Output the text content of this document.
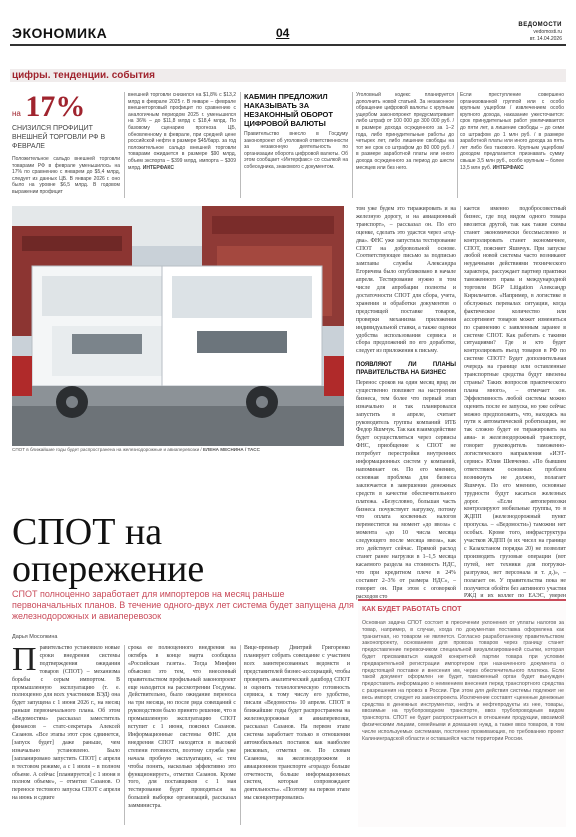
ЭКОНОМИКА	04
ВЕДОМОСТИ
vedomosti.ru
вт. 14.04.2026
цифры. тенденции. события
на 17%
СНИЗИЛСЯ ПРОФИЦИТ ВНЕШНЕЙ ТОРГОВЛИ РФ В ФЕВРАЛЕ
Положительное сальдо внешней торговли товарами РФ в феврале уменьшилось на 17% по сравнению с январем до $5,4 млрд, следует из данных ЦБ. В январе 2026 г. оно было на уровне $6,5 млрд. В годовом выражении профицит
внешней торговли снизился на $1,8% с $13,2 млрд в феврале 2025 г. В январе – феврале внешнеторговый профицит по сравнению с аналогичным периодом 2025 г. уменьшился на 36% – до $11,8 млрд с $18,4 млрд. По базовому сценарию прогноза ЦБ, обновленному в феврале, при средней цене российской нефти в размере $45/барр. за год положительное сальдо внешней торговли товарами ожидается в размере $90 млрд, объем экспорта – $399 млрд, импорта – $309 млрд. ИНТЕРФАКС
КАБМИН ПРЕДЛОЖИЛ НАКАЗЫВАТЬ ЗА НЕЗАКОННЫЙ ОБОРОТ ЦИФРОВОЙ ВАЛЮТЫ
Правительство внесло в Госдуму законопроект об уголовной ответственности за незаконную деятельность по организации оборота цифровой валюты. Об этом сообщает «Интерфакс» со ссылкой на собеседника, знакомого с документом.
Уголовный кодекс планируется дополнить новой статьей. За незаконное обращение цифровой валюты с крупным ущербом законопроект предусматривает либо штраф от 100 000 до 300 000 руб. / в размере дохода осужденного за 1–2 года, либо принудительные работы до четырех лет, либо лишение свободы на тот же срок со штрафом до 80 000 руб. / в размере заработной платы или иного дохода осужденного за период до шести месяцев или без него.
Если преступление совершено организованной группой или с особо крупным ущербом / извлечением особо крупного дохода, наказание ужесточается: срок принудительных работ увеличивается до пяти лет, а лишение свободы – до семи со штрафом до 1 млн руб. / в размере заработной платы или иного дохода за пять лет либо без такового. Крупным ущербом/доходом предлагается признавать сумму свыше 3,5 млн руб., особо крупным – более 13,5 млн руб. ИНТЕРФАКС
СПОТ в ближайшие годы будет распространена на железнодорожные и авиаперевозки / ЕЛЕНА МЕСНИНА / ТАСС
том уже будем это тиражировать и на железную дорогу, и на авиационный транспорт», – рассказал он. По его оценке, сделать это удастся через «год-два». ФНС уже запустила тестирование СПОТ на добровольной основе. Соответствующее письмо за подписью замглавы службы Александра Егоричева было опубликовано в начале апреля. Тестирование нужно в том числе для апробации полноты и достаточности СПОТ для сбора, учета, хранения и обработки документов о предстоящей поставке товаров, проверки механизма приложения индивидуальной ставки, а также оценки удобства использования сервиса и сбора предложений по его доработке, следует из приложения к письму.
ПОЯВЛЯЮТ ЛИ ПЛАНЫ ПРАВИТЕЛЬСТВА НА БИЗНЕС
Перенос сроков на один месяц вряд ли существенно повлияет на настроения бизнеса, тем более что первый этап изначально и так планировался запустить в апреле, считает руководитель группы компаний ИТБ Федор Яшмчук. Так как взаимодействие будет осуществляться через сервисы ФНС, приобщение к СПОТ не потребует перестройки внутренних информационных систем у компаний, напоминает он. По его мнению, основная проблема для бизнеса заключается в завершении денежных средств в качестве обеспечительного платежа. «Безусловно, большая часть бизнеса почувствует нагрузку, потому что оплата косвенных налогов переместится на момент «до ввоза» с момента «до 10 числа месяца следующего после месяца ввоза», как это действует сейчас. Прямой расход станет ранее нагрузки в 1–1,5 месяца касаемого раздела на стоимость НДС, что при кредитном плече в 24% составит 2–3% от размера НДС», – говорит он. При этом с оговоркой расходов сто
кается именно подобросовестный бизнес, где под видом одного товара ввозится другой, так как такие схемы станет экономически бессмысленно и контролировать станет экономичнее, СПОТ, поясняет Яшмчук. При запуске любой новой системы часто возникают неудачными действиями технического характера, рассуждает партнер практики таможенного права и международной торговли BGP Litigation Александр Кирильчатов. «Например, в логистике в обслужных перевалах ситуации, когда фактическое количество или ассортимент товаров может измениться по сравнению с заявленным заранее в системе СПОТ. Как работать с такими ситуациями? Где и кто будет контролировать въезд товаров в РФ по системе СПОТ? Будет дополнительная очередь на границе или оставленные транспортные средства будут ввезены страны? Таких вопросов практического плана много», – отмечает он. Эффективность любой системы можно оценить после ее запуска, но уже сейчас можно предположить, что, находясь на пути к автоматической роботизации, не так сложно будет ее тиражировать на авиа- и железнодорожный транспорт, говорит руководитель таможенно-логистического направления «ИЭТ-сервис» Юлия Шевченко. «По бывшим ответствием основных проблем возникнуть не должно, полагает Яшмчук. По его мнению, основные трудности будут касаться железных дорог. «Если автоперевозки контролируют мобильные группы, то в ЖДПП (железнодорожный пункт пропуска. – «Ведомости») таможни нет особых. Кроме того, инфраструктура участков ЖДПП (в их чисел на границе с Казахстаном порядка 20) не позволит производить грузовые операции (вот путей, нет техники для погрузки-разгрузки, нет персонала и т. д.)», – полагает он. У правительства пока не получится обойти без активного участия РЖД и их коллег по ЕАЭС, уверен
СПОТ на опережение
СПОТ полноценно заработает для импортеров на месяц раньше первоначальных планов. В течение одного-двух лет система будет запущена для железнодорожных и авиаперевозок
Дарья Мосолкина
П равительство установило новые сроки внедрения системы подтверждения ожидания товаров (СПОТ) – механизма борьбы с серым импортом. В промышленную эксплуатацию (т. е. полноценно для всех участников ВЭД) она будет запущена с 1 июня 2026 г., на месяц раньше первоначального плана. Об этом «Ведомостям» рассказал заместитель финансов – статс-секретарь Алексей Сазанов. «Все этапы этот срок сдвинется, [запуск будет] даже раньше, чем изначально установлено. Было [запланировано запустить СПОТ] с апреля в тестовом режиме, а с 1 июля – в полном объеме. А сейчас [планируется] с 1 июня в полном объеме», – отметил Сазанов. О переносе тестового запуска СПОТ с апреля на июнь и сдвиге
срока ее полноценного внедрения на октябрь в конце марта сообщила «Российская газета». Тогда Минфин объяснял это тем, что внесенный правительством профильный законопроект еще находится на рассмотрении Госдумы. Действительно, было ожидание переноса на три месяца, но после ряда совещаний с руководством было принято решение, что в промышленную эксплуатацию СПОТ вступит с 1 июня, пояснил Сазанов. Информационные системы ФНС для внедрения СПОТ находятся в высокой степени готовности, поэтому служба уже начала пробную эксплуатацию, «с тем чтобы понять, насколько эффективно это функционирует», отметил Сазанов. Кроме того, для поставщиков с 1 мая тестирование будет проводиться на большей выборке организаций, рассказал замминистра.
Вице-премьер Дмитрий Григоренко планирует собрать совещание с участием всех заинтересованных ведомств и представителей бизнес-ассоциаций, чтобы проверить аналитический дашборд СПОТ и оценить технологическую готовность сервиса, к тому числу его удобство, писали «Ведомости» 10 апреля. СПОТ в ближайшие годы будет распространена на железнодорожные и авиаперевозки, рассказал Сазанов. На первом этапе система заработает только в отношении автомобильных поставок как наиболее рисковых, отметил он. По словам Сазанова, на железнодорожном и авиационном транспорте «гораздо больше отчетности, больше информационных систем, которые сопровождают деятельность». «Поэтому на первом этапе мы сконцентрировались
КАК БУДЕТ РАБОТАТЬ СПОТ
Основная задача СПОТ состоит в пресечении уклонения от уплаты налогов за товар, например, в случае, когда по документам поставка оформлена как транзитная, но товаром не является. Согласно разработанному правительством законопроекту, основанием для провоза товаров через границу станет предоставление перевозчиком специальной визуализированной ссылки, которая будет присваиваться каждой конкретной партии товара при условии предварительной регистрации импортером при назначенного документа о предстоящей поставке и внесения им, через обеспечительного платежа. Если такой документ оформлен не будет, таможенный орган будет вынужден предоставить информацию о неимением внесения перед транспортного средства с разрешения на провоз в России. При этом для действия системы подлежит не весь импорт, следует из законопроекта. Исключение составят «ценнные денежные средства в денежных инструментах, нефть и нефтепродукты из нее, товары, ввозимые на трубопроводном транспорте, ввоз трубопроводным видом транспорта. СПОТ не будет распространяться в отношении продукции, ввозимой физическими лицами, семейными и домашних нужд, а также ввоз товаров, в том числе используемых системами, постоянно проживающих, по требованию проект Калининградской области и оставшейся части территории России.
